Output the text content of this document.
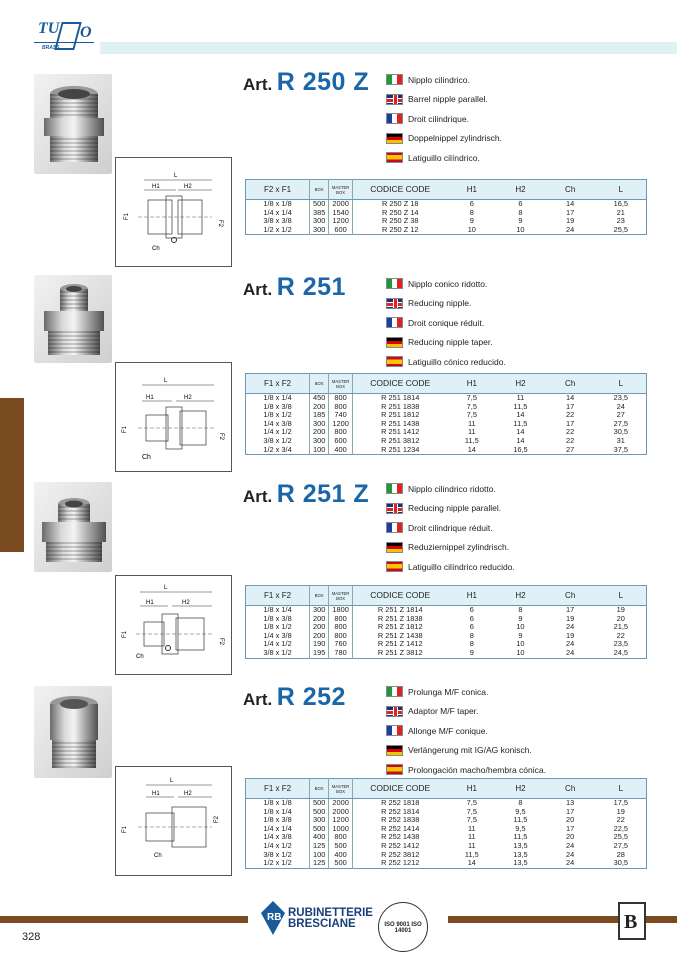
TU O
BRASS
L
H1	H2
F1
F2
Ch
Art. R 250 Z	Nipplo cilindrico.
Barrel nipple parallel.
Droit cilindrique.
Doppelnippel zylindrisch.
Latiguillo cilíndrico.
F2 x F1	BOX	MASTER BOX	CODICE CODE	H1	H2	Ch	L
1/8 x 1/8	500	2000	R 250 Z 18	6	6	14	16,5
1/4 x 1/4	385	1540	R 250 Z 14	8	8	17	21
3/8 x 3/8	300	1200	R 250 Z 38	9	9	19	23
1/2 x 1/2	300	600	R 250 Z 12	10	10	24	25,5
L
H1	H2
F1
F2
Ch
Art. R 251	Nipplo conico ridotto.
Reducing nipple.
Droit conique réduit.
Reducing nipple taper.
Latiguillo cónico reducido.
F1 x F2	BOX	MASTER BOX	CODICE CODE	H1	H2	Ch	L
1/8 x 1/4	450	800	R 251 1814	7,5	11	14	23,5
1/8 x 3/8	200	800	R 251 1838	7,5	11,5	17	24
1/8 x 1/2	185	740	R 251 1812	7,5	14	22	27
1/4 x 3/8	300	1200	R 251 1438	11	11,5	17	27,5
1/4 x 1/2	200	800	R 251 1412	11	14	22	30,5
3/8 x 1/2	300	600	R 251 3812	11,5	14	22	31
1/2 x 3/4	100	400	R 251 1234	14	16,5	27	37,5
L
H1	H2
F1
F2
Ch
Art. R 251 Z	Nipplo cilindrico ridotto.
Reducing nipple parallel.
Droit cilindrique réduit.
Reduziernippel zylindrisch.
Latiguillo cilíndrico reducido.
F1 x F2	BOX	MASTER BOX	CODICE CODE	H1	H2	Ch	L
1/8 x 1/4	300	1800	R 251 Z 1814	6	8	17	19
1/8 x 3/8	200	800	R 251 Z 1838	6	9	19	20
1/8 x 1/2	200	800	R 251 Z 1812	6	10	24	21,5
1/4 x 3/8	200	800	R 251 Z 1438	8	9	19	22
1/4 x 1/2	190	760	R 251 Z 1412	8	10	24	23,5
3/8 x 1/2	195	780	R 251 Z 3812	9	10	24	24,5
L
H1	H2
F1
F2
Ch
Art. R 252	Prolunga M/F conica.
Adaptor M/F taper.
Allonge M/F conique.
Verlängerung mit IG/AG konisch.
Prolongación macho/hembra cónica.
F1 x F2	BOX	MASTER BOX	CODICE CODE	H1	H2	Ch	L
1/8 x 1/8	500	2000	R 252 1818	7,5	8	13	17,5
1/8 x 1/4	500	2000	R 252 1814	7,5	9,5	17	19
1/8 x 3/8	300	1200	R 252 1838	7,5	11,5	20	22
1/4 x 1/4	500	1000	R 252 1414	11	9,5	17	22,5
1/4 x 3/8	400	800	R 252 1438	11	11,5	20	25,5
1/4 x 1/2	125	500	R 252 1412	11	13,5	24	27,5
3/8 x 1/2	100	400	R 252 3812	11,5	13,5	24	28
1/2 x 1/2	125	500	R 252 1212	14	13,5	24	30,5
RB RUBINETTERIE
BRESCIANE	ISO 9001 ISO 14001	B
328
